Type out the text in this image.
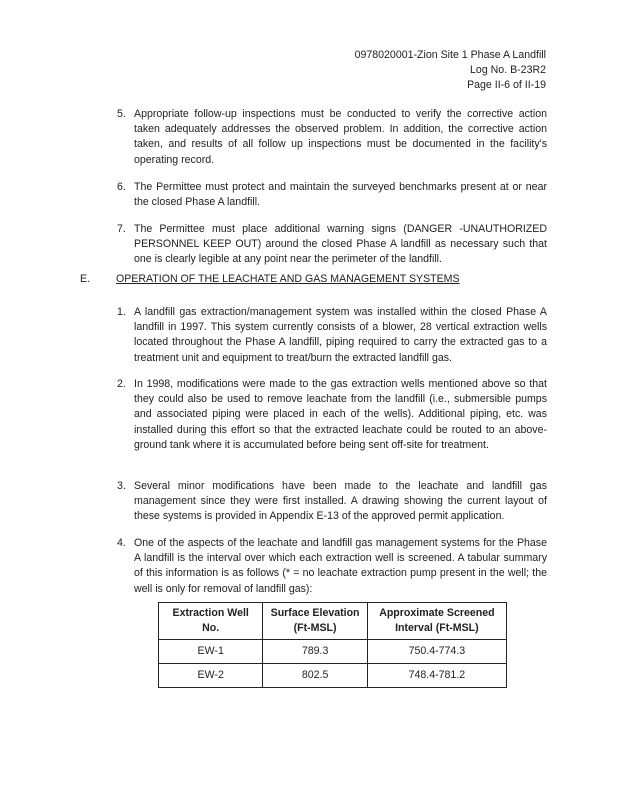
0978020001-Zion Site 1 Phase A Landfill
Log No. B-23R2
Page II-6 of II-19
5. Appropriate follow-up inspections must be conducted to verify the corrective action taken adequately addresses the observed problem. In addition, the corrective action taken, and results of all follow up inspections must be documented in the facility's operating record.
6. The Permittee must protect and maintain the surveyed benchmarks present at or near the closed Phase A landfill.
7. The Permittee must place additional warning signs (DANGER -UNAUTHORIZED PERSONNEL KEEP OUT) around the closed Phase A landfill as necessary such that one is clearly legible at any point near the perimeter of the landfill.
E. OPERATION OF THE LEACHATE AND GAS MANAGEMENT SYSTEMS
1. A landfill gas extraction/management system was installed within the closed Phase A landfill in 1997. This system currently consists of a blower, 28 vertical extraction wells located throughout the Phase A landfill, piping required to carry the extracted gas to a treatment unit and equipment to treat/burn the extracted landfill gas.
2. In 1998, modifications were made to the gas extraction wells mentioned above so that they could also be used to remove leachate from the landfill (i.e., submersible pumps and associated piping were placed in each of the wells). Additional piping, etc. was installed during this effort so that the extracted leachate could be routed to an above-ground tank where it is accumulated before being sent off-site for treatment.
3. Several minor modifications have been made to the leachate and landfill gas management since they were first installed. A drawing showing the current layout of these systems is provided in Appendix E-13 of the approved permit application.
4. One of the aspects of the leachate and landfill gas management systems for the Phase A landfill is the interval over which each extraction well is screened. A tabular summary of this information is as follows (* = no leachate extraction pump present in the well; the well is only for removal of landfill gas):
Extraction Well No.	Surface Elevation (Ft-MSL)	Approximate Screened Interval (Ft-MSL)
EW-1	789.3	750.4-774.3
EW-2	802.5	748.4-781.2
